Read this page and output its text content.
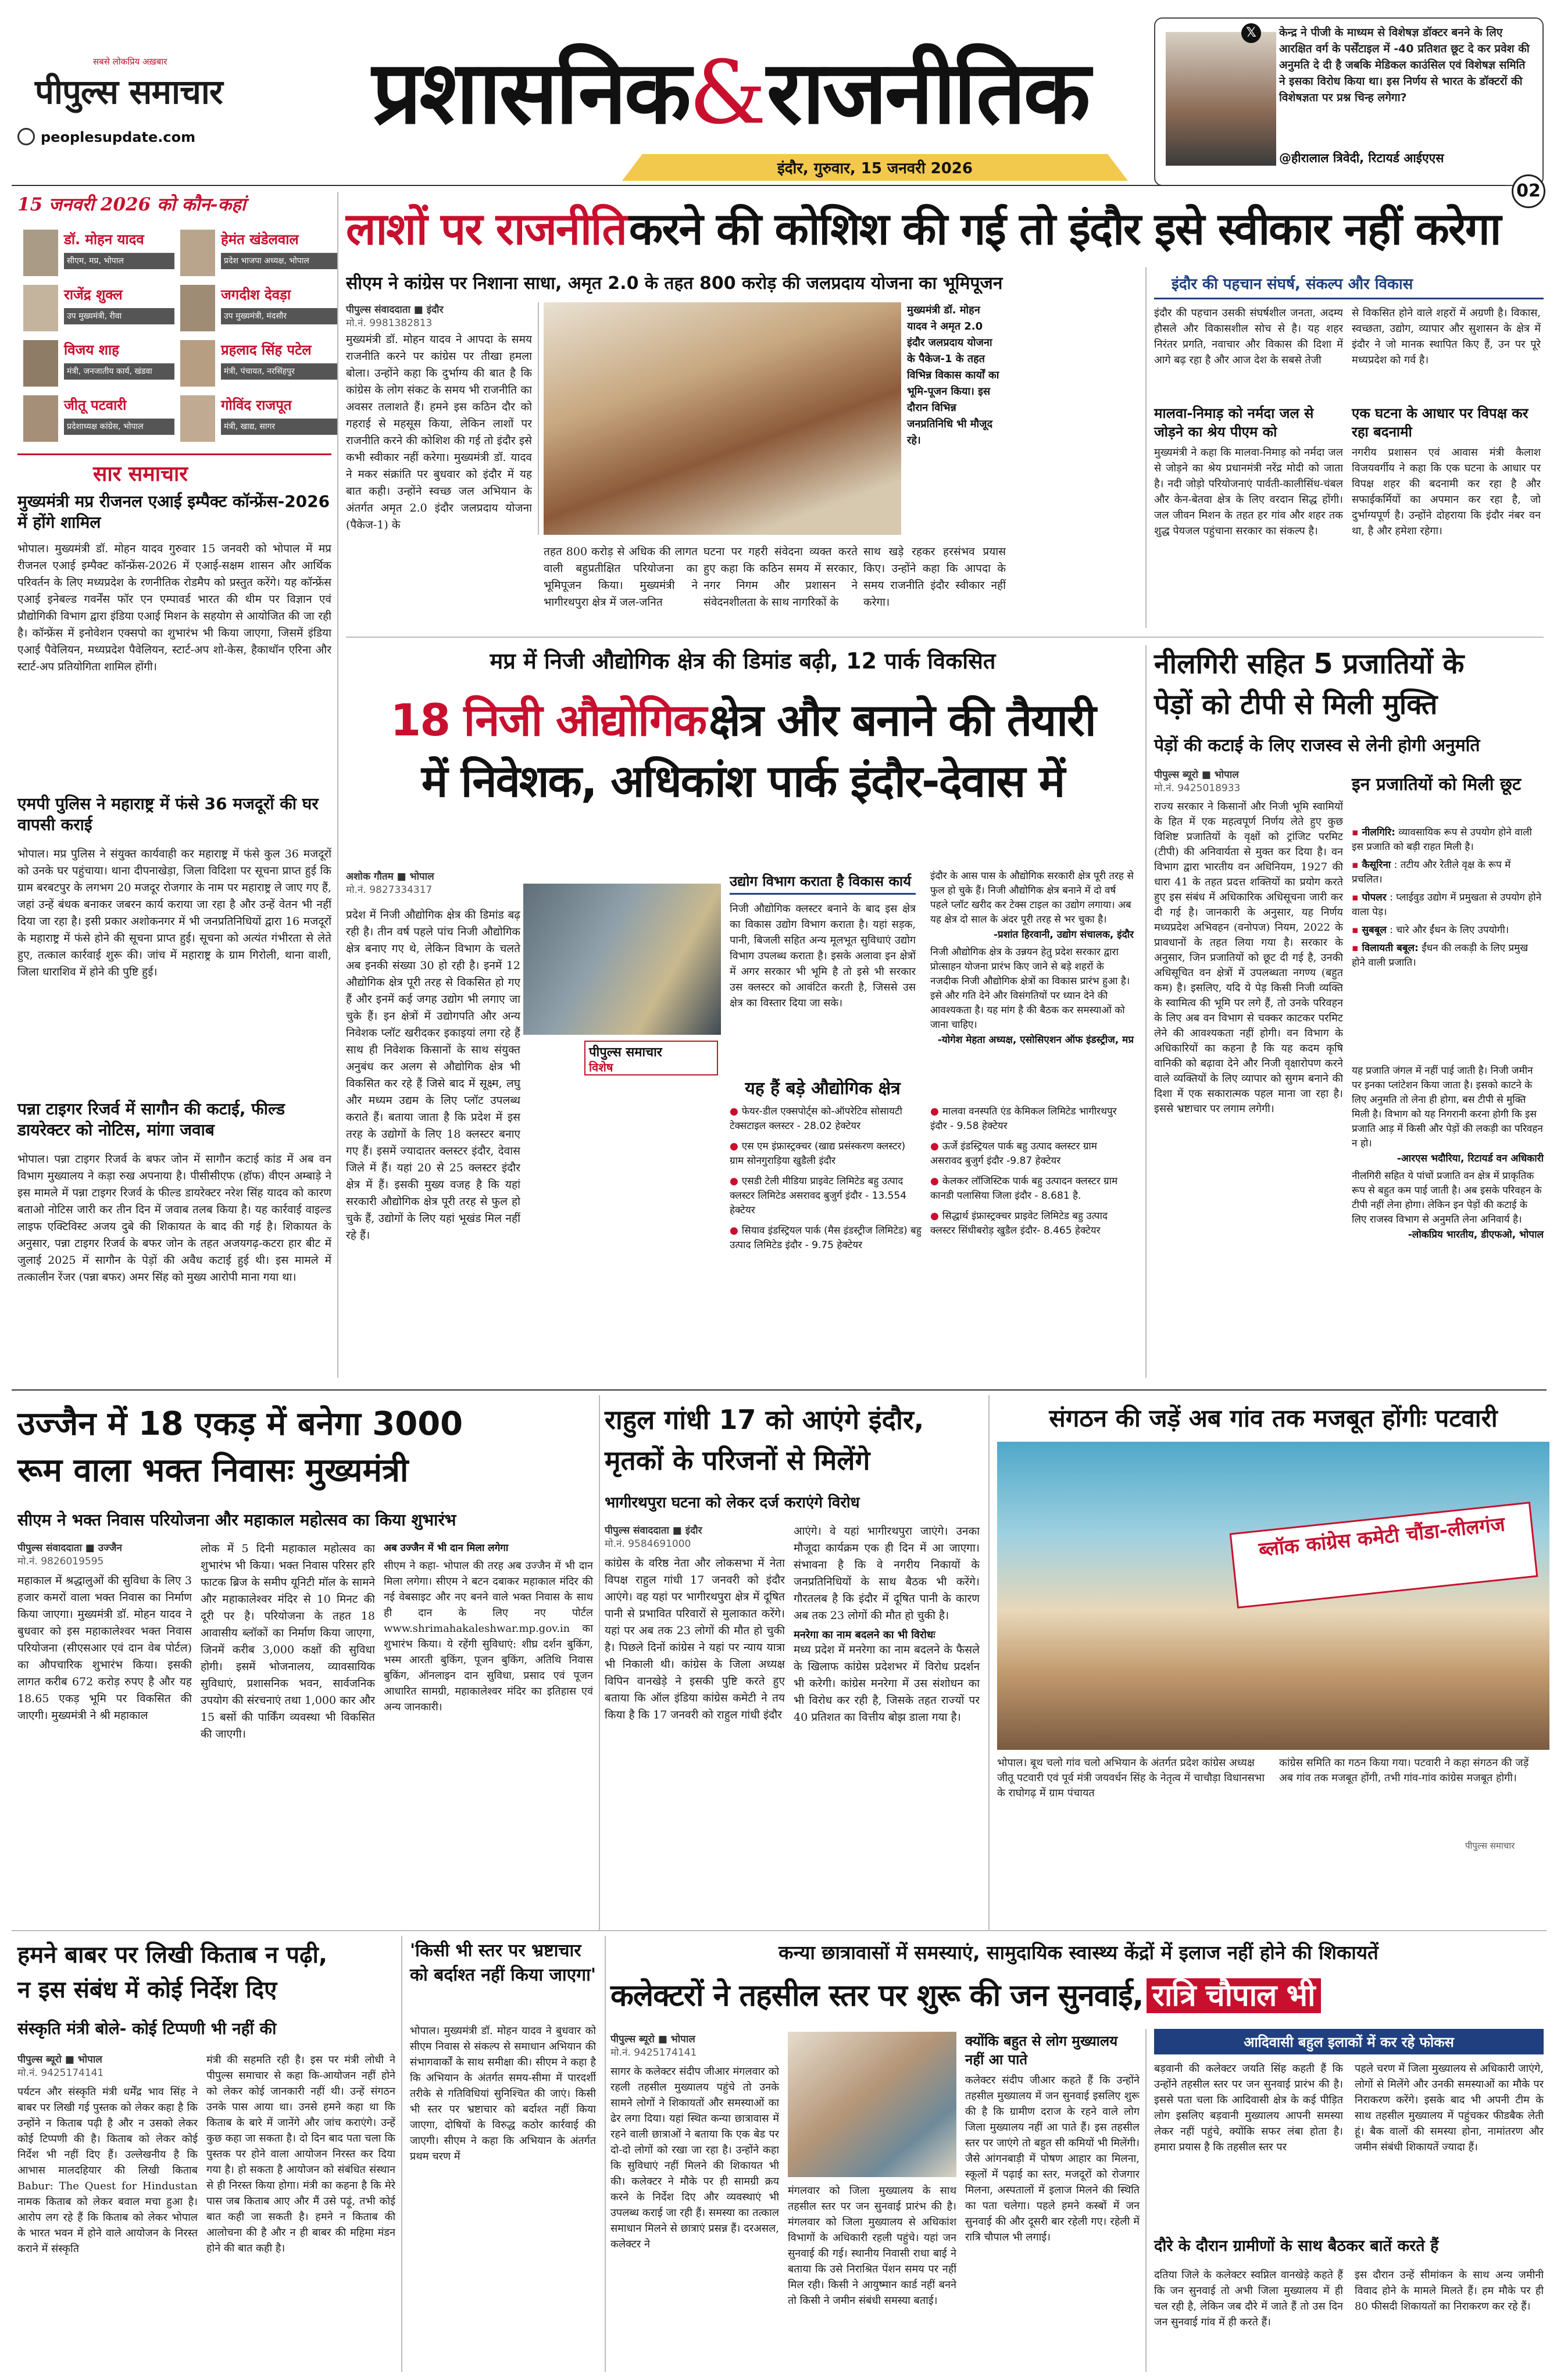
सबसे लोकप्रिय अख़बार
पीपुल्स समाचार
peoplesupdate.com प्रशासनिक&राजनीतिक
इंदौर, गुरुवार, 15 जनवरी 2026
𝕏	केन्द्र ने पीजी के माध्यम से विशेषज्ञ डॉक्टर बनने के लिए आरक्षित वर्ग के पर्सेंटाइल में -40 प्रतिशत छूट दे कर प्रवेश की अनुमति दे दी है जबकि मेडिकल काउंसिल एवं विशेषज्ञ समिति ने इसका विरोध किया था। इस निर्णय से भारत के डॉक्टरों की विशेषज्ञता पर प्रश्न चिन्ह लगेगा?
@हीरालाल त्रिवेदी, रिटायर्ड आईएएस
02
15 जनवरी 2026 को कौन-कहां
डॉ. मोहन यादव
सीएम, मप्र, भोपाल
हेमंत खंडेलवाल
प्रदेश भाजपा अध्यक्ष, भोपाल
राजेंद्र शुक्ल
उप मुख्यमंत्री, रीवा
जगदीश देवड़ा
उप मुख्यमंत्री, मंदसौर
विजय शाह
मंत्री, जनजातीय कार्य, खंडवा
प्रहलाद सिंह पटेल
मंत्री, पंचायत, नरसिंहपुर
जीतू पटवारी
प्रदेशाध्यक्ष कांग्रेस, भोपाल
गोविंद राजपूत
मंत्री, खाद्य, सागर
सार समाचार
मुख्यमंत्री मप्र रीजनल एआई इम्पैक्ट कॉन्फ्रेंस-2026 में होंगे शामिल
भोपाल। मुख्यमंत्री डॉ. मोहन यादव गुरुवार 15 जनवरी को भोपाल में मप्र रीजनल एआई इम्पैक्ट कॉन्फ्रेंस-2026 में एआई-सक्षम शासन और आर्थिक परिवर्तन के लिए मध्यप्रदेश के रणनीतिक रोडमैप को प्रस्तुत करेंगे। यह कॉन्फ्रेंस एआई इनेबल्ड गवर्नेंस फॉर एन एम्पावर्ड भारत की थीम पर विज्ञान एवं प्रौद्योगिकी विभाग द्वारा इंडिया एआई मिशन के सहयोग से आयोजित की जा रही है। कॉन्फ्रेंस में इनोवेशन एक्सपो का शुभारंभ भी किया जाएगा, जिसमें इंडिया एआई पैवेलियन, मध्यप्रदेश पैवेलियन, स्टार्ट-अप शो-केस, हैकाथॉन एरिना और स्टार्ट-अप प्रतियोगिता शामिल होंगी।
एमपी पुलिस ने महाराष्ट्र में फंसे 36 मजदूरों की घर वापसी कराई
भोपाल। मप्र पुलिस ने संयुक्त कार्यवाही कर महाराष्ट्र में फंसे कुल 36 मजदूरों को उनके घर पहुंचाया। थाना दीपनाखेड़ा, जिला विदिशा पर सूचना प्राप्त हुई कि ग्राम बरबटपुर के लगभग 20 मजदूर रोजगार के नाम पर महाराष्ट्र ले जाए गए हैं, जहां उन्हें बंधक बनाकर जबरन कार्य कराया जा रहा है और उन्हें वेतन भी नहीं दिया जा रहा है। इसी प्रकार अशोकनगर में भी जनप्रतिनिधियों द्वारा 16 मजदूरों के महाराष्ट्र में फंसे होने की सूचना प्राप्त हुई। सूचना को अत्यंत गंभीरता से लेते हुए, तत्काल कार्रवाई शुरू की। जांच में महाराष्ट्र के ग्राम गिरोली, थाना वाशी, जिला धाराशिव में होने की पुष्टि हुई।
पन्ना टाइगर रिजर्व में सागौन की कटाई, फील्ड डायरेक्टर को नोटिस, मांगा जवाब
भोपाल। पन्ना टाइगर रिजर्व के बफर जोन में सागौन कटाई कांड में अब वन विभाग मुख्यालय ने कड़ा रुख अपनाया है। पीसीसीएफ (हॉफ) वीएन अम्बाड़े ने इस मामले में पन्ना टाइगर रिजर्व के फील्ड डायरेक्टर नरेश सिंह यादव को कारण बताओ नोटिस जारी कर तीन दिन में जवाब तलब किया है। यह कार्रवाई वाइल्ड लाइफ एक्टिविस्ट अजय दुबे की शिकायत के बाद की गई है। शिकायत के अनुसार, पन्ना टाइगर रिजर्व के बफर जोन के तहत अजयगढ़-कटरा हार बीट में जुलाई 2025 में सागौन के पेड़ों की अवैध कटाई हुई थी। इस मामले में तत्कालीन रेंजर (पन्ना बफर) अमर सिंह को मुख्य आरोपी माना गया था।
लाशों पर राजनीति करने की कोशिश की गई तो इंदौर इसे स्वीकार नहीं करेगा
सीएम ने कांग्रेस पर निशाना साधा, अमृत 2.0 के तहत 800 करोड़ की जलप्रदाय योजना का भूमिपूजन
पीपुल्स संवाददाता ■ इंदौर
मो.नं. 9981382813
मुख्यमंत्री डॉ. मोहन यादव ने आपदा के समय राजनीति करने पर कांग्रेस पर तीखा हमला बोला। उन्होंने कहा कि दुर्भाग्य की बात है कि कांग्रेस के लोग संकट के समय भी राजनीति का अवसर तलाशते हैं। हमने इस कठिन दौर को गहराई से महसूस किया, लेकिन लाशों पर राजनीति करने की कोशिश की गई तो इंदौर इसे कभी स्वीकार नहीं करेगा। मुख्यमंत्री डॉ. यादव ने मकर संक्रांति पर बुधवार को इंदौर में यह बात कही। उन्होंने स्वच्छ जल अभियान के अंतर्गत अमृत 2.0 इंदौर जलप्रदाय योजना (पैकेज-1) के
मुख्यमंत्री डॉ. मोहन यादव ने अमृत 2.0 इंदौर जलप्रदाय योजना के पैकेज-1 के तहत विभिन्न विकास कार्यों का भूमि-पूजन किया। इस दौरान विभिन्न जनप्रतिनिधि भी मौजूद रहे।
तहत 800 करोड़ से अधिक की लागत वाली बहुप्रतीक्षित परियोजना का भूमिपूजन किया। मुख्यमंत्री ने भागीरथपुरा क्षेत्र में जल-जनित
घटना पर गहरी संवेदना व्यक्त करते हुए कहा कि कठिन समय में सरकार, नगर निगम और प्रशासन ने संवेदनशीलता के साथ नागरिकों के
साथ खड़े रहकर हरसंभव प्रयास किए। उन्होंने कहा कि आपदा के समय राजनीति इंदौर स्वीकार नहीं करेगा।
इंदौर की पहचान संघर्ष, संकल्प और विकास
इंदौर की पहचान उसकी संघर्षशील जनता, अदम्य हौसले और विकासशील सोच से है। यह शहर निरंतर प्रगति, नवाचार और विकास की दिशा में आगे बढ़ रहा है और आज देश के सबसे तेजी
से विकसित होने वाले शहरों में अग्रणी है। विकास, स्वच्छता, उद्योग, व्यापार और सुशासन के क्षेत्र में इंदौर ने जो मानक स्थापित किए हैं, उन पर पूरे मध्यप्रदेश को गर्व है।
मालवा-निमाड़ को नर्मदा जल से जोड़ने का श्रेय पीएम को
मुख्यमंत्री ने कहा कि मालवा-निमाड़ को नर्मदा जल से जोड़ने का श्रेय प्रधानमंत्री नरेंद्र मोदी को जाता है। नदी जोड़ो परियोजनाएं पार्वती-कालीसिंध-चंबल और केन-बेतवा क्षेत्र के लिए वरदान सिद्ध होंगी। जल जीवन मिशन के तहत हर गांव और शहर तक शुद्ध पेयजल पहुंचाना सरकार का संकल्प है।
एक घटना के आधार पर विपक्ष कर रहा बदनामी
नगरीय प्रशासन एवं आवास मंत्री कैलाश विजयवर्गीय ने कहा कि एक घटना के आधार पर विपक्ष शहर की बदनामी कर रहा है और सफाईकर्मियों का अपमान कर रहा है, जो दुर्भाग्यपूर्ण है। उन्होंने दोहराया कि इंदौर नंबर वन था, है और हमेशा रहेगा।
मप्र में निजी औद्योगिक क्षेत्र की डिमांड बढ़ी, 12 पार्क विकसित
18 निजी औद्योगिक क्षेत्र और बनाने की तैयारी
में निवेशक, अधिकांश पार्क इंदौर-देवास में
अशोक गौतम ■ भोपाल
मो.नं. 9827334317
प्रदेश में निजी औद्योगिक क्षेत्र की डिमांड बढ़ रही है। तीन वर्ष पहले पांच निजी औद्योगिक क्षेत्र बनाए गए थे, लेकिन विभाग के चलते अब इनकी संख्या 30 हो रही है। इनमें 12 औद्योगिक क्षेत्र पूरी तरह से विकसित हो गए हैं और इनमें कई जगह उद्योग भी लगाए जा चुके हैं। इन क्षेत्रों में उद्योगपति और अन्य निवेशक प्लॉट खरीदकर इकाइयां लगा रहे हैं साथ ही निवेशक किसानों के साथ संयुक्त अनुबंध कर अलग से औद्योगिक क्षेत्र भी विकसित कर रहे हैं जिसे बाद में सूक्ष्म, लघु और मध्यम उद्यम के लिए प्लॉट उपलब्ध कराते हैं। बताया जाता है कि प्रदेश में इस तरह के उद्योगों के लिए 18 क्लस्टर बनाए गए हैं। इसमें ज्यादातर क्लस्टर इंदौर, देवास जिले में हैं। यहां 20 से 25 क्लस्टर इंदौर क्षेत्र में हैं। इसकी मुख्य वजह है कि यहां सरकारी औद्योगिक क्षेत्र पूरी तरह से फुल हो चुके हैं, उद्योगों के लिए यहां भूखंड मिल नहीं रहे हैं।
पीपुल्स समाचार
विशेष
उद्योग विभाग कराता है विकास कार्य
निजी औद्योगिक क्लस्टर बनाने के बाद इस क्षेत्र का विकास उद्योग विभाग कराता है। यहां सड़क, पानी, बिजली सहित अन्य मूलभूत सुविधाएं उद्योग विभाग उपलब्ध कराता है। इसके अलावा इन क्षेत्रों में अगर सरकार भी भूमि है तो इसे भी सरकार उस क्लस्टर को आवंटित करती है, जिससे उस क्षेत्र का विस्तार दिया जा सके।
यह हैं बड़े औद्योगिक क्षेत्र
● फेयर-डील एक्सपोर्ट्स को-ऑपरेटिव सोसायटी टेक्सटाइल क्लस्टर - 28.02 हेक्टेयर
● एस एम इंफ्रास्ट्रक्चर (खाद्य प्रसंस्करण क्लस्टर) ग्राम सोनगुराड़िया खुडैली इंदौर
● एसडी टेली मीडिया प्राइवेट लिमिटेड बहु उत्पाद क्लस्टर लिमिटेड असरावद बुजुर्ग इंदौर - 13.554 हेक्टेयर
● सियाव इंडस्ट्रियल पार्क (मैस इंडस्ट्रीज लिमिटेड) बहु उत्पाद लिमिटेड इंदौर - 9.75 हेक्टेयर
● मालवा वनस्पति एंड केमिकल लिमिटेड भागीरथपुर इंदौर - 9.58 हेक्टेयर
● ऊर्जे इंडस्ट्रियल पार्क बहु उत्पाद क्लस्टर ग्राम असरावद बुजुर्ग इंदौर -9.87 हेक्टेयर
● केलकर लॉजिस्टिक पार्क बहु उत्पादन क्लस्टर ग्राम कानडी पलासिया जिला इंदौर - 8.681 है.
● सिद्धार्थ इंफ्रास्ट्रक्चर प्राइवेट लिमिटेड बहु उत्पाद क्लस्टर सिंधीबरोड़ खुडैल इंदौर- 8.465 हेक्टेयर
इंदौर के आस पास के औद्योगिक सरकारी क्षेत्र पूरी तरह से फुल हो चुके हैं। निजी औद्योगिक क्षेत्र बनाने में दो वर्ष पहले प्लॉट खरीद कर टेक्स टाइल का उद्योग लगाया। अब यह क्षेत्र दो साल के अंदर पूरी तरह से भर चुका है।
-प्रशांत हिरवानी, उद्योग संचालक, इंदौर
निजी औद्योगिक क्षेत्र के उन्नयन हेतु प्रदेश सरकार द्वारा प्रोत्साहन योजना प्रारंभ किए जाने से बड़े शहरों के नजदीक निजी औद्योगिक क्षेत्रों का विकास प्रारंभ हुआ है। इसे और गति देने और विसंगतियों पर ध्यान देने की आवश्यकता है। यह मांग है की बैठक कर समस्याओं को जाना चाहिए।
-योगेश मेहता अध्यक्ष, एसोसिएशन ऑफ इंडस्ट्रीज, मप्र
नीलगिरी सहित 5 प्रजातियों के
पेड़ों को टीपी से मिली मुक्ति
पेड़ों की कटाई के लिए राजस्व से लेनी होगी अनुमति
पीपुल्स ब्यूरो ■ भोपाल
मो.नं. 9425018933
राज्य सरकार ने किसानों और निजी भूमि स्वामियों के हित में एक महत्वपूर्ण निर्णय लेते हुए कुछ विशिष्ट प्रजातियों के वृक्षों को ट्रांजिट परमिट (टीपी) की अनिवार्यता से मुक्त कर दिया है। वन विभाग द्वारा भारतीय वन अधिनियम, 1927 की धारा 41 के तहत प्रदत्त शक्तियों का प्रयोग करते हुए इस संबंध में अधिकारिक अधिसूचना जारी कर दी गई है। जानकारी के अनुसार, यह निर्णय मध्यप्रदेश अभिवहन (वनोपज) नियम, 2022 के प्रावधानों के तहत लिया गया है। सरकार के अनुसार, जिन प्रजातियों को छूट दी गई है, उनकी अधिसूचित वन क्षेत्रों में उपलब्धता नगण्य (बहुत कम) है। इसलिए, यदि ये पेड़ किसी निजी व्यक्ति के स्वामित्व की भूमि पर लगे हैं, तो उनके परिवहन के लिए अब वन विभाग से चक्कर काटकर परमिट लेने की आवश्यकता नहीं होगी। वन विभाग के अधिकारियों का कहना है कि यह कदम कृषि वानिकी को बढ़ावा देने और निजी वृक्षारोपण करने वाले व्यक्तियों के लिए व्यापार को सुगम बनाने की दिशा में एक सकारात्मक पहल माना जा रहा है। इससे भ्रष्टाचार पर लगाम लगेगी।
इन प्रजातियों को मिली छूट
▪ नीलगिरि: व्यावसायिक रूप से उपयोग होने वाली इस प्रजाति को बड़ी राहत मिली है।
▪ कैसूरिना : तटीय और रेतीले वृक्ष के रूप में प्रचलित।
▪ पोपलर : प्लाईवुड उद्योग में प्रमुखता से उपयोग होने वाला पेड़।
▪ सुबबूल : चारे और ईंधन के लिए उपयोगी।
▪ विलायती बबूल: ईंधन की लकड़ी के लिए प्रमुख होने वाली प्रजाति।
यह प्रजाति जंगल में नहीं पाई जाती है। निजी जमीन पर इनका प्लांटेशन किया जाता है। इसको काटने के लिए अनुमति तो लेना ही होगा, बस टीपी से मुक्ति मिली है। विभाग को यह निगरानी करना होगी कि इस प्रजाति आड़ में किसी और पेड़ों की लकड़ी का परिवहन न हो।
-आरएस भदौरिया, रिटायर्ड वन अधिकारी
नीलगिरी सहित ये पांचों प्रजाति वन क्षेत्र में प्राकृतिक रूप से बहुत कम पाई जाती है। अब इसके परिवहन के टीपी नहीं लेना होगा। लेकिन इन पेड़ों की कटाई के लिए राजस्व विभाग से अनुमति लेना अनिवार्य है।
-लोकप्रिय भारतीय, डीएफओ, भोपाल
उज्जैन में 18 एकड़ में बनेगा 3000
रूम वाला भक्त निवासः मुख्यमंत्री
सीएम ने भक्त निवास परियोजना और महाकाल महोत्सव का किया शुभारंभ
पीपुल्स संवाददाता ■ उज्जैन
मो.नं. 9826019595
महाकाल में श्रद्धालुओं की सुविधा के लिए 3 हजार कमरों वाला भक्त निवास का निर्माण किया जाएगा। मुख्यमंत्री डॉ. मोहन यादव ने बुधवार को इस महाकालेश्वर भक्त निवास परियोजना (सीएसआर एवं दान वेब पोर्टल) का औपचारिक शुभारंभ किया। इसकी लागत करीब 672 करोड़ रुपए है और यह 18.65 एकड़ भूमि पर विकसित की जाएगी। मुख्यमंत्री ने श्री महाकाल
लोक में 5 दिनी महाकाल महोत्सव का शुभारंभ भी किया। भक्त निवास परिसर हरि फाटक ब्रिज के समीप यूनिटी मॉल के सामने और महाकालेश्वर मंदिर से 10 मिनट की दूरी पर है। परियोजना के तहत 18 आवासीय ब्लॉकों का निर्माण किया जाएगा, जिनमें करीब 3,000 कक्षों की सुविधा होगी। इसमें भोजनालय, व्यावसायिक सुविधाएं, प्रशासनिक भवन, सार्वजनिक उपयोग की संरचनाएं तथा 1,000 कार और 15 बसों की पार्किंग व्यवस्था भी विकसित की जाएगी।
अब उज्जैन में भी दान मिला लगेगा
सीएम ने कहा- भोपाल की तरह अब उज्जैन में भी दान मिला लगेगा। सीएम ने बटन दबाकर महाकाल मंदिर की नई वेबसाइट और नए बनने वाले भक्त निवास के साथ ही दान के लिए नए पोर्टल www.shrimahakaleshwar.mp.gov.in का शुभारंभ किया। ये रहेंगी सुविधाएं: शीघ्र दर्शन बुकिंग, भस्म आरती बुकिंग, पूजन बुकिंग, अतिथि निवास बुकिंग, ऑनलाइन दान सुविधा, प्रसाद एवं पूजन आधारित सामग्री, महाकालेश्वर मंदिर का इतिहास एवं अन्य जानकारी।
राहुल गांधी 17 को आएंगे इंदौर,
मृतकों के परिजनों से मिलेंगे
भागीरथपुरा घटना को लेकर दर्ज कराएंगे विरोध
पीपुल्स संवाददाता ■ इंदौर
मो.नं. 9584691000
कांग्रेस के वरिष्ठ नेता और लोकसभा में नेता विपक्ष राहुल गांधी 17 जनवरी को इंदौर आएंगे। वह यहां पर भागीरथपुरा क्षेत्र में दूषित पानी से प्रभावित परिवारों से मुलाकात करेंगे। यहां पर अब तक 23 लोगों की मौत हो चुकी है। पिछले दिनों कांग्रेस ने यहां पर न्याय यात्रा भी निकाली थी। कांग्रेस के जिला अध्यक्ष विपिन वानखेड़े ने इसकी पुष्टि करते हुए बताया कि ऑल इंडिया कांग्रेस कमेटी ने तय किया है कि 17 जनवरी को राहुल गांधी इंदौर
आएंगे। वे यहां भागीरथपुरा जाएंगे। उनका मौजूदा कार्यक्रम एक ही दिन में आ जाएगा। संभावना है कि वे नगरीय निकायों के जनप्रतिनिधियों के साथ बैठक भी करेंगे। गौरतलब है कि इंदौर में दूषित पानी के कारण अब तक 23 लोगों की मौत हो चुकी है।
मनरेगा का नाम बदलने का भी विरोधः
मध्य प्रदेश में मनरेगा का नाम बदलने के फैसले के खिलाफ कांग्रेस प्रदेशभर में विरोध प्रदर्शन भी करेगी। कांग्रेस मनरेगा में उस संशोधन का भी विरोध कर रही है, जिसके तहत राज्यों पर 40 प्रतिशत का वित्तीय बोझ डाला गया है।
संगठन की जड़ें अब गांव तक मजबूत होंगीः पटवारी
ब्लॉक कांग्रेस कमेटी चौंडा-लीलगंज
भोपाल। बूथ चलो गांव चलो अभियान के अंतर्गत प्रदेश कांग्रेस अध्यक्ष जीतू पटवारी एवं पूर्व मंत्री जयवर्धन सिंह के नेतृत्व में चाचौड़ा विधानसभा के राघोगढ़ में ग्राम पंचायत
कांग्रेस समिति का गठन किया गया। पटवारी ने कहा संगठन की जड़ें अब गांव तक मजबूत होंगी, तभी गांव-गांव कांग्रेस मजबूत होगी।
पीपुल्स समाचार
हमने बाबर पर लिखी किताब न पढ़ी,
न इस संबंध में कोई निर्देश दिए
संस्कृति मंत्री बोले- कोई टिप्पणी भी नहीं की
पीपुल्स ब्यूरो ■ भोपाल
मो.नं. 9425174141
पर्यटन और संस्कृति मंत्री धर्मेंद्र भाव सिंह ने बाबर पर लिखी गई पुस्तक को लेकर कहा है कि उन्होंने न किताब पढ़ी है और न उसको लेकर कोई टिप्पणी की है। किताब को लेकर कोई निर्देश भी नहीं दिए हैं। उल्लेखनीय है कि आभास मालदहियार की लिखी किताब Babur: The Quest for Hindustan नामक किताब को लेकर बवाल मचा हुआ है। आरोप लग रहे हैं कि किताब को लेकर भोपाल के भारत भवन में होने वाले आयोजन के निरस्त कराने में संस्कृति
मंत्री की सहमति रही है। इस पर मंत्री लोधी ने पीपुल्स समाचार से कहा कि-आयोजन नहीं होने को लेकर कोई जानकारी नहीं थी। उन्हें संगठन उनके पास आया था। उनसे हमने कहा था कि किताब के बारे में जानेंगे और जांच कराएंगे। उन्हें कुछ कहा जा सकता है। दो दिन बाद पता चला कि पुस्तक पर होने वाला आयोजन निरस्त कर दिया गया है। हो सकता है आयोजन को संबंधित संस्थान से ही निरस्त किया होगा। मंत्री का कहना है कि मेरे पास जब किताब आए और मैं उसे पढ़ूं, तभी कोई बात कही जा सकती है। हमने न किताब की आलोचना की है और न ही बाबर की महिमा मंडन होने की बात कही है।
'किसी भी स्तर पर भ्रष्टाचार को बर्दाश्त नहीं किया जाएगा'
भोपाल। मुख्यमंत्री डॉ. मोहन यादव ने बुधवार को सीएम निवास से संकल्प से समाधान अभियान की संभागवार्कों के साथ समीक्षा की। सीएम ने कहा है कि अभियान के अंतर्गत समय-सीमा में पारदर्शी तरीके से गतिविधियां सुनिश्चित की जाएं। किसी भी स्तर पर भ्रष्टाचार को बर्दाश्त नहीं किया जाएगा, दोषियों के विरुद्ध कठोर कार्रवाई की जाएगी। सीएम ने कहा कि अभियान के अंतर्गत प्रथम चरण में
कन्या छात्रावासों में समस्याएं, सामुदायिक स्वास्थ्य केंद्रों में इलाज नहीं होने की शिकायतें
कलेक्टरों ने तहसील स्तर पर शुरू की जन सुनवाई, रात्रि चौपाल भी
पीपुल्स ब्यूरो ■ भोपाल
मो.नं. 9425174141
सागर के कलेक्टर संदीप जीआर मंगलवार को रहली तहसील मुख्यालय पहुंचे तो उनके सामने लोगों ने शिकायतों और समस्याओं का ढेर लगा दिया। यहां स्थित कन्या छात्रावास में रहने वाली छात्राओं ने बताया कि एक बेड पर दो-दो लोगों को रखा जा रहा है। उन्होंने कहा कि सुविधाएं नहीं मिलने की शिकायत भी की। कलेक्टर ने मौके पर ही सामग्री क्रय करने के निर्देश दिए और व्यवस्थाएं भी उपलब्ध कराई जा रही हैं। समस्या का तत्काल समाधान मिलने से छात्राएं प्रसन्न हैं। दरअसल, कलेक्टर ने
मंगलवार को जिला मुख्यालय के साथ तहसील स्तर पर जन सुनवाई प्रारंभ की है। मंगलवार को जिला मुख्यालय से अधिकांश विभागों के अधिकारी रहली पहुंचे। यहां जन सुनवाई की गई। स्थानीय निवासी राधा बाई ने बताया कि उसे निराश्रित पेंशन समय पर नहीं मिल रही। किसी ने आयुष्मान कार्ड नहीं बनने तो किसी ने जमीन संबंधी समस्या बताई।
क्योंकि बहुत से लोग मुख्यालय नहीं आ पाते
कलेक्टर संदीप जीआर कहते हैं कि उन्होंने तहसील मुख्यालय में जन सुनवाई इसलिए शुरू की है कि ग्रामीण दराज के रहने वाले लोग जिला मुख्यालय नहीं आ पाते हैं। इस तहसील स्तर पर जाएंगे तो बहुत सी कमियों भी मिलेंगी। जैसे आंगनबाड़ी में पोषण आहार का मिलना, स्कूलों में पढ़ाई का स्तर, मजदूरों को रोजगार मिलना, अस्पतालों में इलाज मिलने की स्थिति का पता चलेगा। पहले हमने कस्बों में जन सुनवाई की और दूसरी बार रहेली गए। रहेली में रात्रि चौपाल भी लगाई।
आदिवासी बहुल इलाकों में कर रहे फोकस
बड़वानी की कलेक्टर जयति सिंह कहती हैं कि उन्होंने तहसील स्तर पर जन सुनवाई प्रारंभ की है। इससे पता चला कि आदिवासी क्षेत्र के कई पीड़ित लोग इसलिए बड़वानी मुख्यालय आपनी समस्या लेकर नहीं पहुंचे, क्योंकि सफर लंबा होता है। हमारा प्रयास है कि तहसील स्तर पर
पहले चरण में जिला मुख्यालय से अधिकारी जाएंगे, लोगों से मिलेंगे और उनकी समस्याओं का मौके पर निराकरण करेंगे। इसके बाद भी अपनी टीम के साथ तहसील मुख्यालय में पहुंचकर फीडबैक लेती हूं। बैक वालों की समस्या होना, नामांतरण और जमीन संबंधी शिकायतें ज्यादा हैं।
दौरे के दौरान ग्रामीणों के साथ बैठकर बातें करते हैं
दतिया जिले के कलेक्टर स्वप्निल वानखेड़े कहते हैं कि जन सुनवाई तो अभी जिला मुख्यालय में ही चल रही है, लेकिन जब दौरे में जाते हैं तो उस दिन जन सुनवाई गांव में ही करते हैं।
इस दौरान उन्हें सीमांकन के साथ अन्य जमीनी विवाद होने के मामले मिलते हैं। हम मौके पर ही 80 फीसदी शिकायतों का निराकरण कर रहे हैं।
